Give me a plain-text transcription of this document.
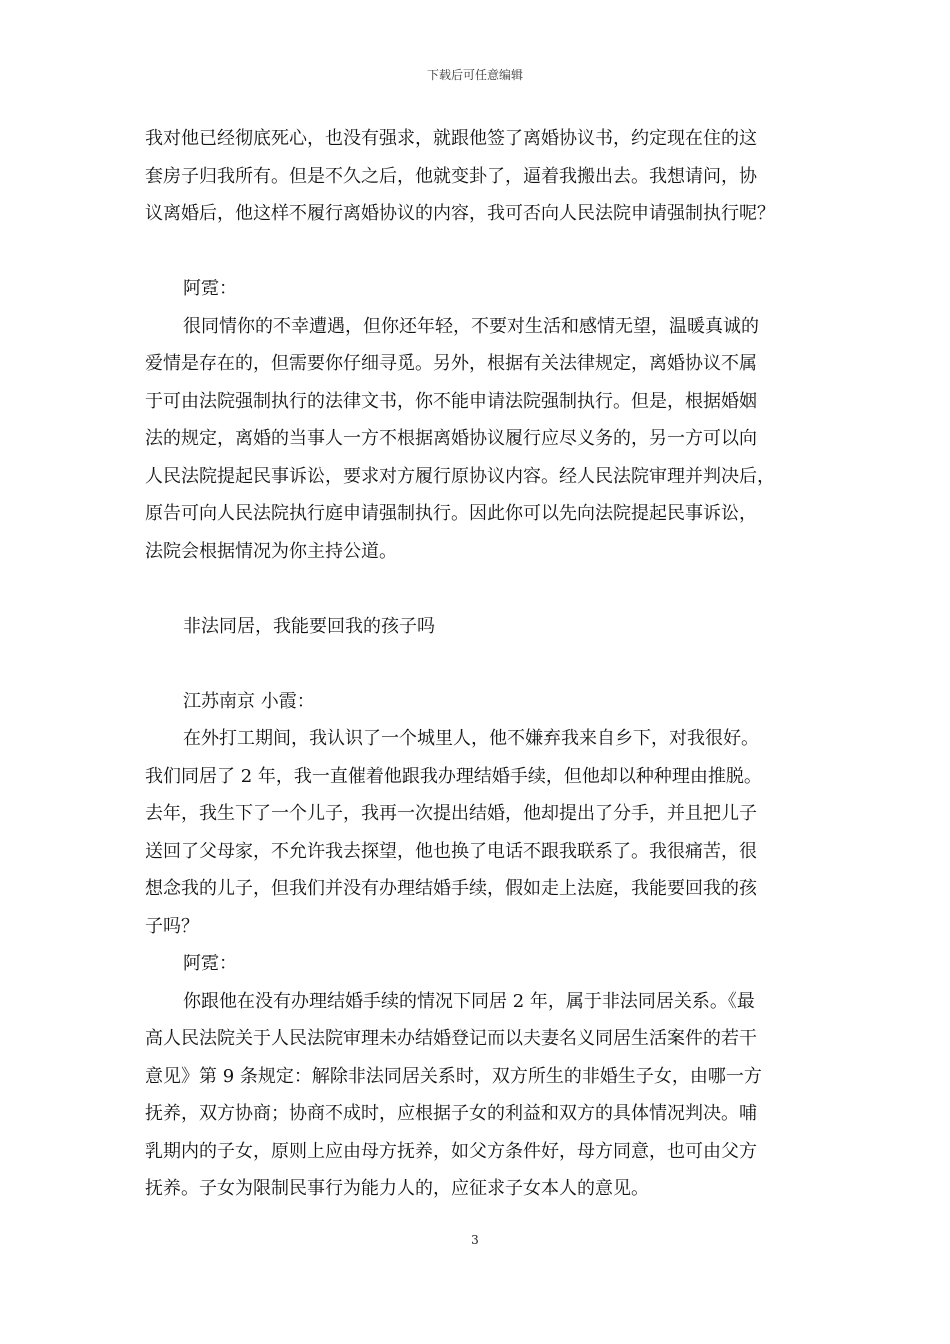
下载后可任意编辑
我对他已经彻底死心，也没有强求，就跟他签了离婚协议书，约定现在住的这
套房子归我所有。但是不久之后，他就变卦了，逼着我搬出去。我想请问，协
议离婚后，他这样不履行离婚协议的内容，我可否向人民法院申请强制执行呢？
阿霓：
很同情你的不幸遭遇，但你还年轻，不要对生活和感情无望，温暖真诚的
爱情是存在的，但需要你仔细寻觅。另外，根据有关法律规定，离婚协议不属
于可由法院强制执行的法律文书，你不能申请法院强制执行。但是，根据婚姻
法的规定，离婚的当事人一方不根据离婚协议履行应尽义务的，另一方可以向
人民法院提起民事诉讼，要求对方履行原协议内容。经人民法院审理并判决后，
原告可向人民法院执行庭申请强制执行。因此你可以先向法院提起民事诉讼，
法院会根据情况为你主持公道。
非法同居，我能要回我的孩子吗
江苏南京 小霞：
在外打工期间，我认识了一个城里人，他不嫌弃我来自乡下，对我很好。
我们同居了 2 年，我一直催着他跟我办理结婚手续，但他却以种种理由推脱。
去年，我生下了一个儿子，我再一次提出结婚，他却提出了分手，并且把儿子
送回了父母家，不允许我去探望，他也换了电话不跟我联系了。我很痛苦，很
想念我的儿子，但我们并没有办理结婚手续，假如走上法庭，我能要回我的孩
子吗？
阿霓：
你跟他在没有办理结婚手续的情况下同居 2 年，属于非法同居关系。《最
高人民法院关于人民法院审理未办结婚登记而以夫妻名义同居生活案件的若干
意见》第 9 条规定：解除非法同居关系时，双方所生的非婚生子女，由哪一方
抚养，双方协商；协商不成时，应根据子女的利益和双方的具体情况判决。哺
乳期内的子女，原则上应由母方抚养，如父方条件好，母方同意，也可由父方
抚养。子女为限制民事行为能力人的，应征求子女本人的意见。
3
